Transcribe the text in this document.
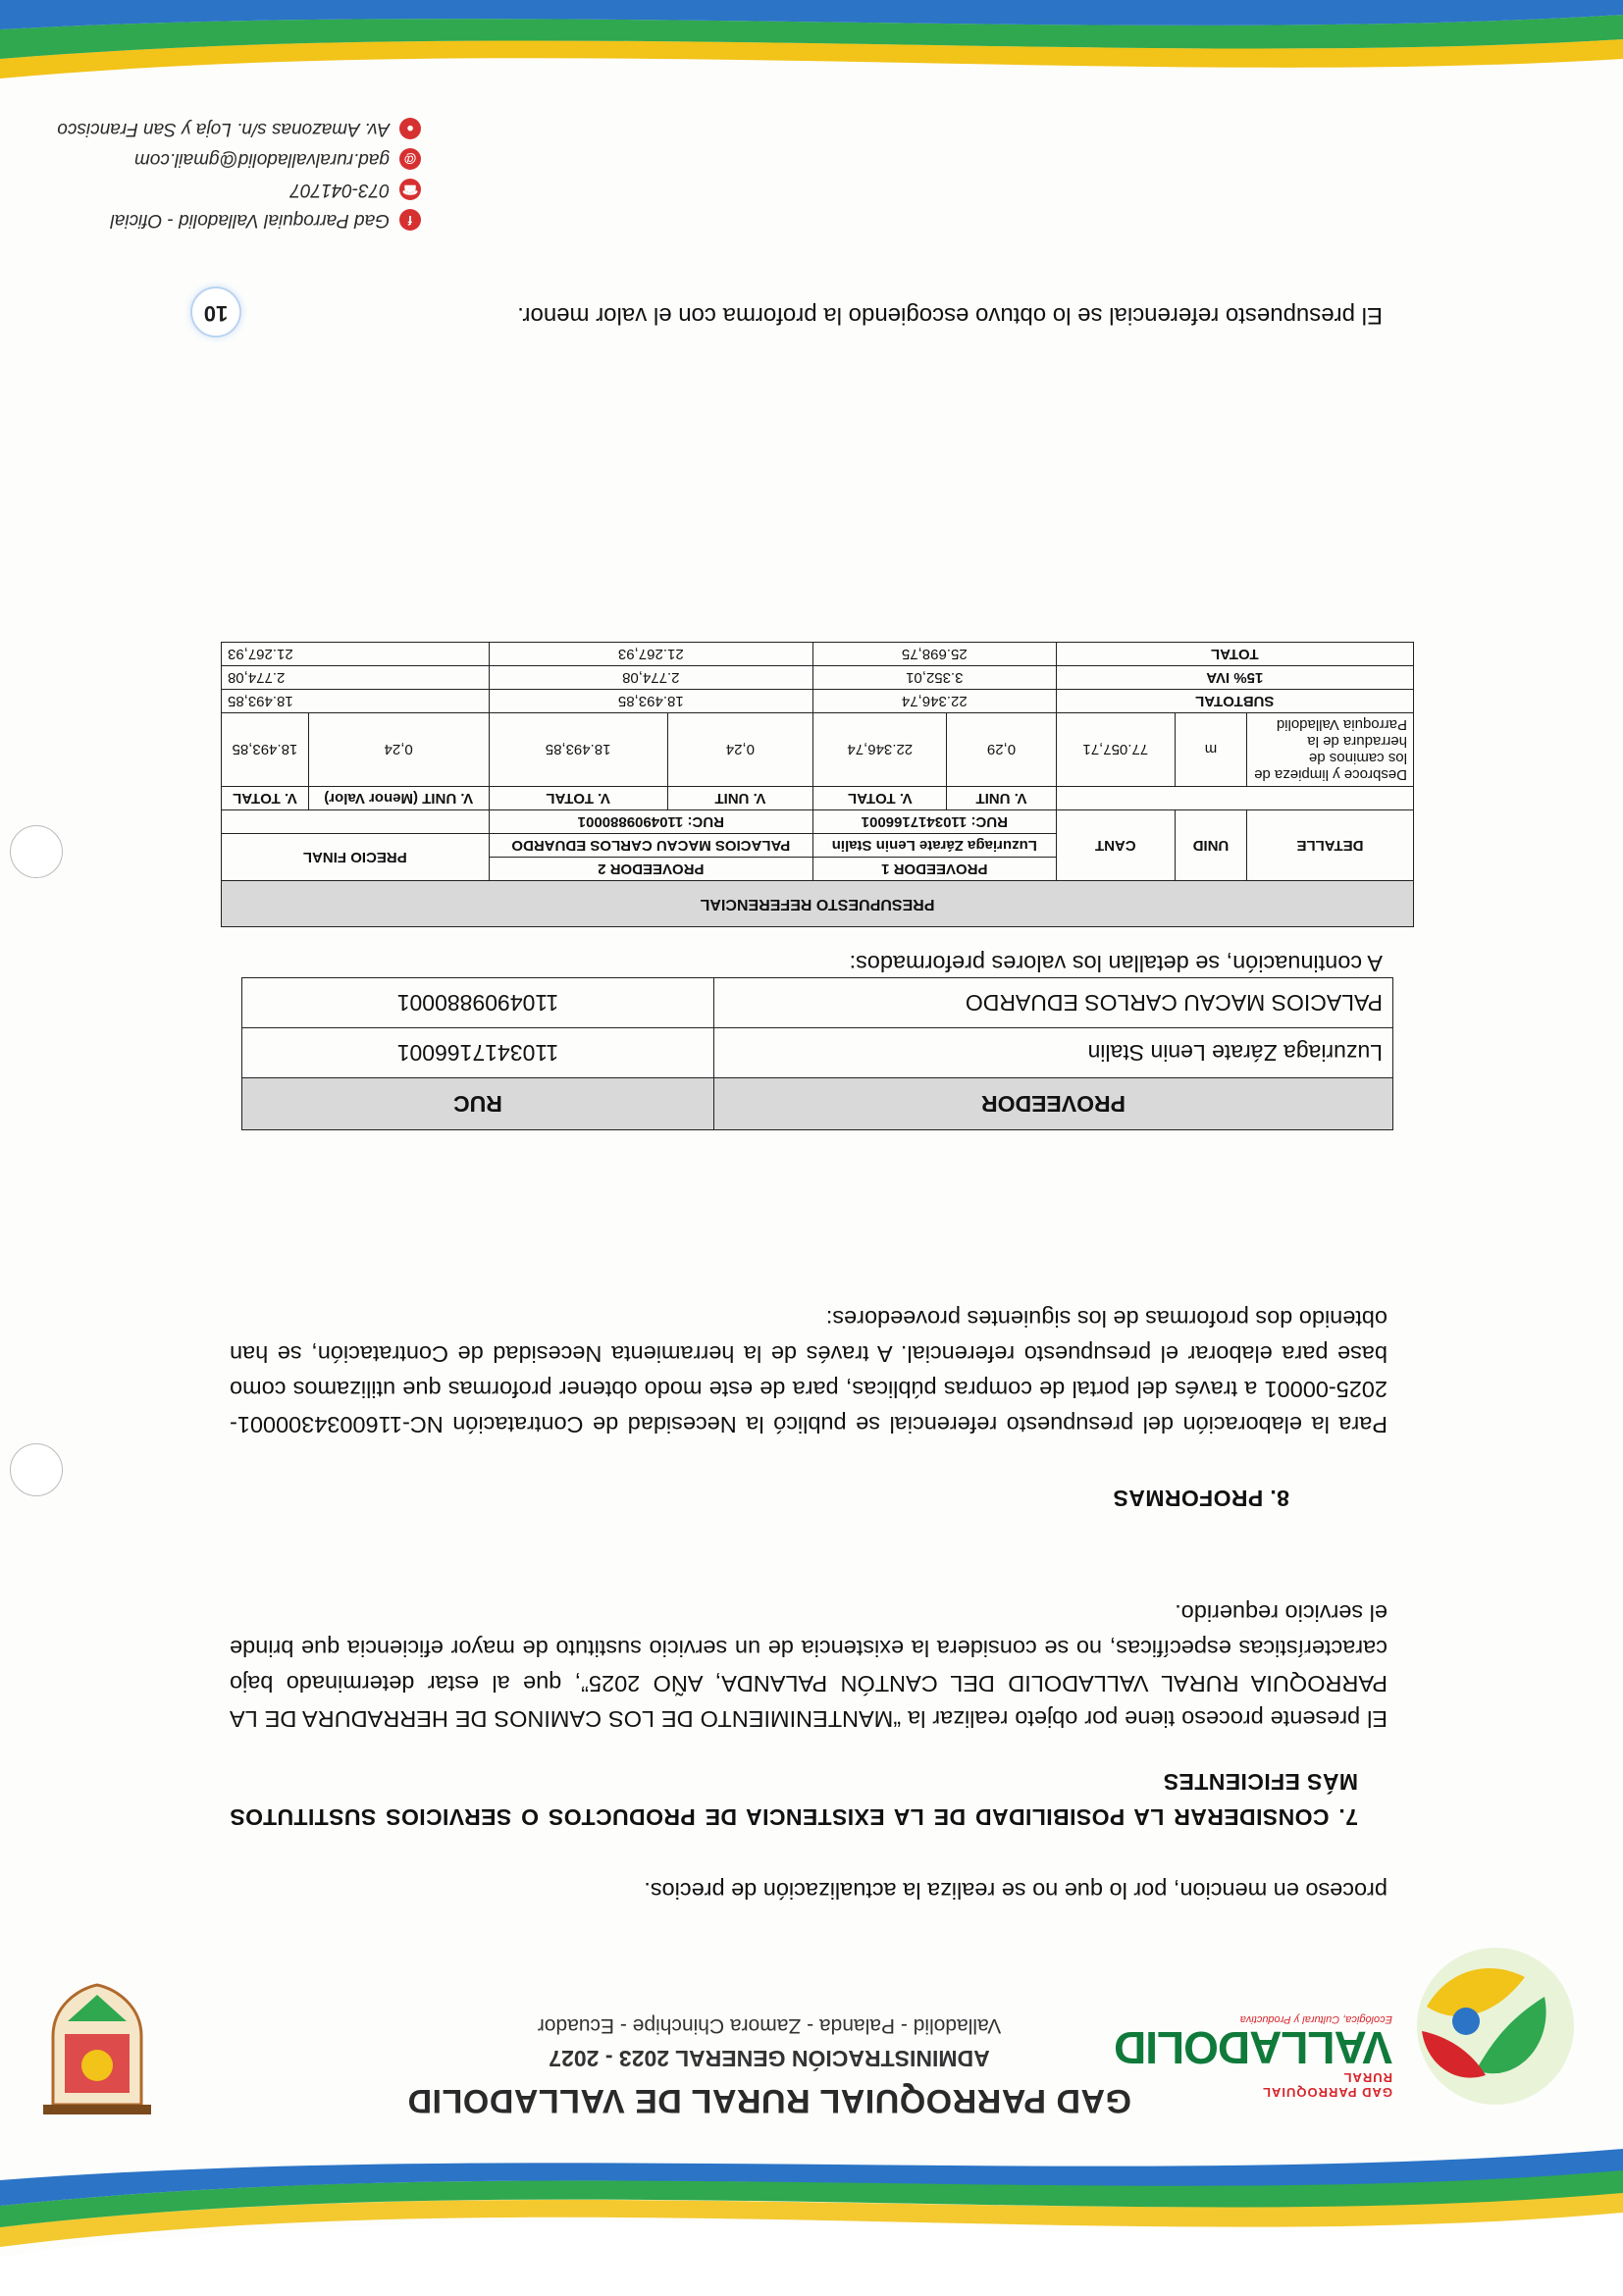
GAD PARROQUIAL RURAL
VALLADOLID
Ecológica, Cultural y Productiva
GAD PARROQUIAL RURAL DE VALLADOLID
ADMINISTRACIÓN GENERAL 2023 - 2027
Valladolid - Palanda - Zamora Chinchipe - Ecuador

proceso en mencion, por lo que no se realiza la actualización de precios.

7. CONSIDERAR LA POSIBILIDAD DE LA EXISTENCIA DE PRODUCTOS O SERVICIOS SUSTITUTOS MÁS EFICIENTES

El presente proceso tiene por objeto realizar la “MANTENIMIENTO DE LOS CAMINOS DE HERRADURA DE LA PARROQUIA RURAL VALLADOLID DEL CANTÓN PALANDA, AÑO 2025”, que al estar determinado bajo características específicas, no se considera la existencia de un servicio sustituto de mayor eficiencia que brinde el servicio requerido.

8. PROFORMAS

Para la elaboración del presupuesto referencial se publicó la Necesidad de Contratación NC-1160034300001-2025-00001 a través del portal de compras públicas, para de este modo obtener proformas que utilizamos como base para elaborar el presupuesto referencial. A través de la herramienta Necesidad de Contratación, se han obtenido dos proformas de los siguientes proveedores:

PROVEEDOR	RUC
Luzuriaga Zárate Lenin Stalin	1103417166001
PALACIOS MACAU CARLOS EDUARDO	1104909880001

A continuación, se detallan los valores preformados:

PRESUPUESTO REFERENCIAL								
DETALLE	UNID	CANT	PROVEEDOR 1		PROVEEDOR 2		PRECIO FINAL	
			Luzuriaga Zárate Lenin Stalin		PALACIOS MACAU CARLOS EDUARDO			
			RUC: 1103417166001		RUC: 1104909880001			
			V. UNIT	V. TOTAL	V. UNIT	V. TOTAL	V. UNIT (Menor Valor)	V. TOTAL
Desbroce y limpieza de los caminos de herradura de la Parroquia Valladolid	m	77.057,71	0,29	22.346,74	0,24	18.493,85	0,24	18.493,85
SUBTOTAL			22.346,74		18.493,85		18.493,85	
15% IVA			3.352,01		2.774,08		2.774,08	
TOTAL			25.698,75		21.267,93		21.267,93	
El presupuesto referencial se lo obtuvo escogiendo la proforma con el valor menor.
10
f
Gad Parroquial Valladolid - Oficial
☎
073-041707
@
gad.ruralvalladolid@gmail.com
●
Av. Amazonas s/n. Loja y San Francisco
